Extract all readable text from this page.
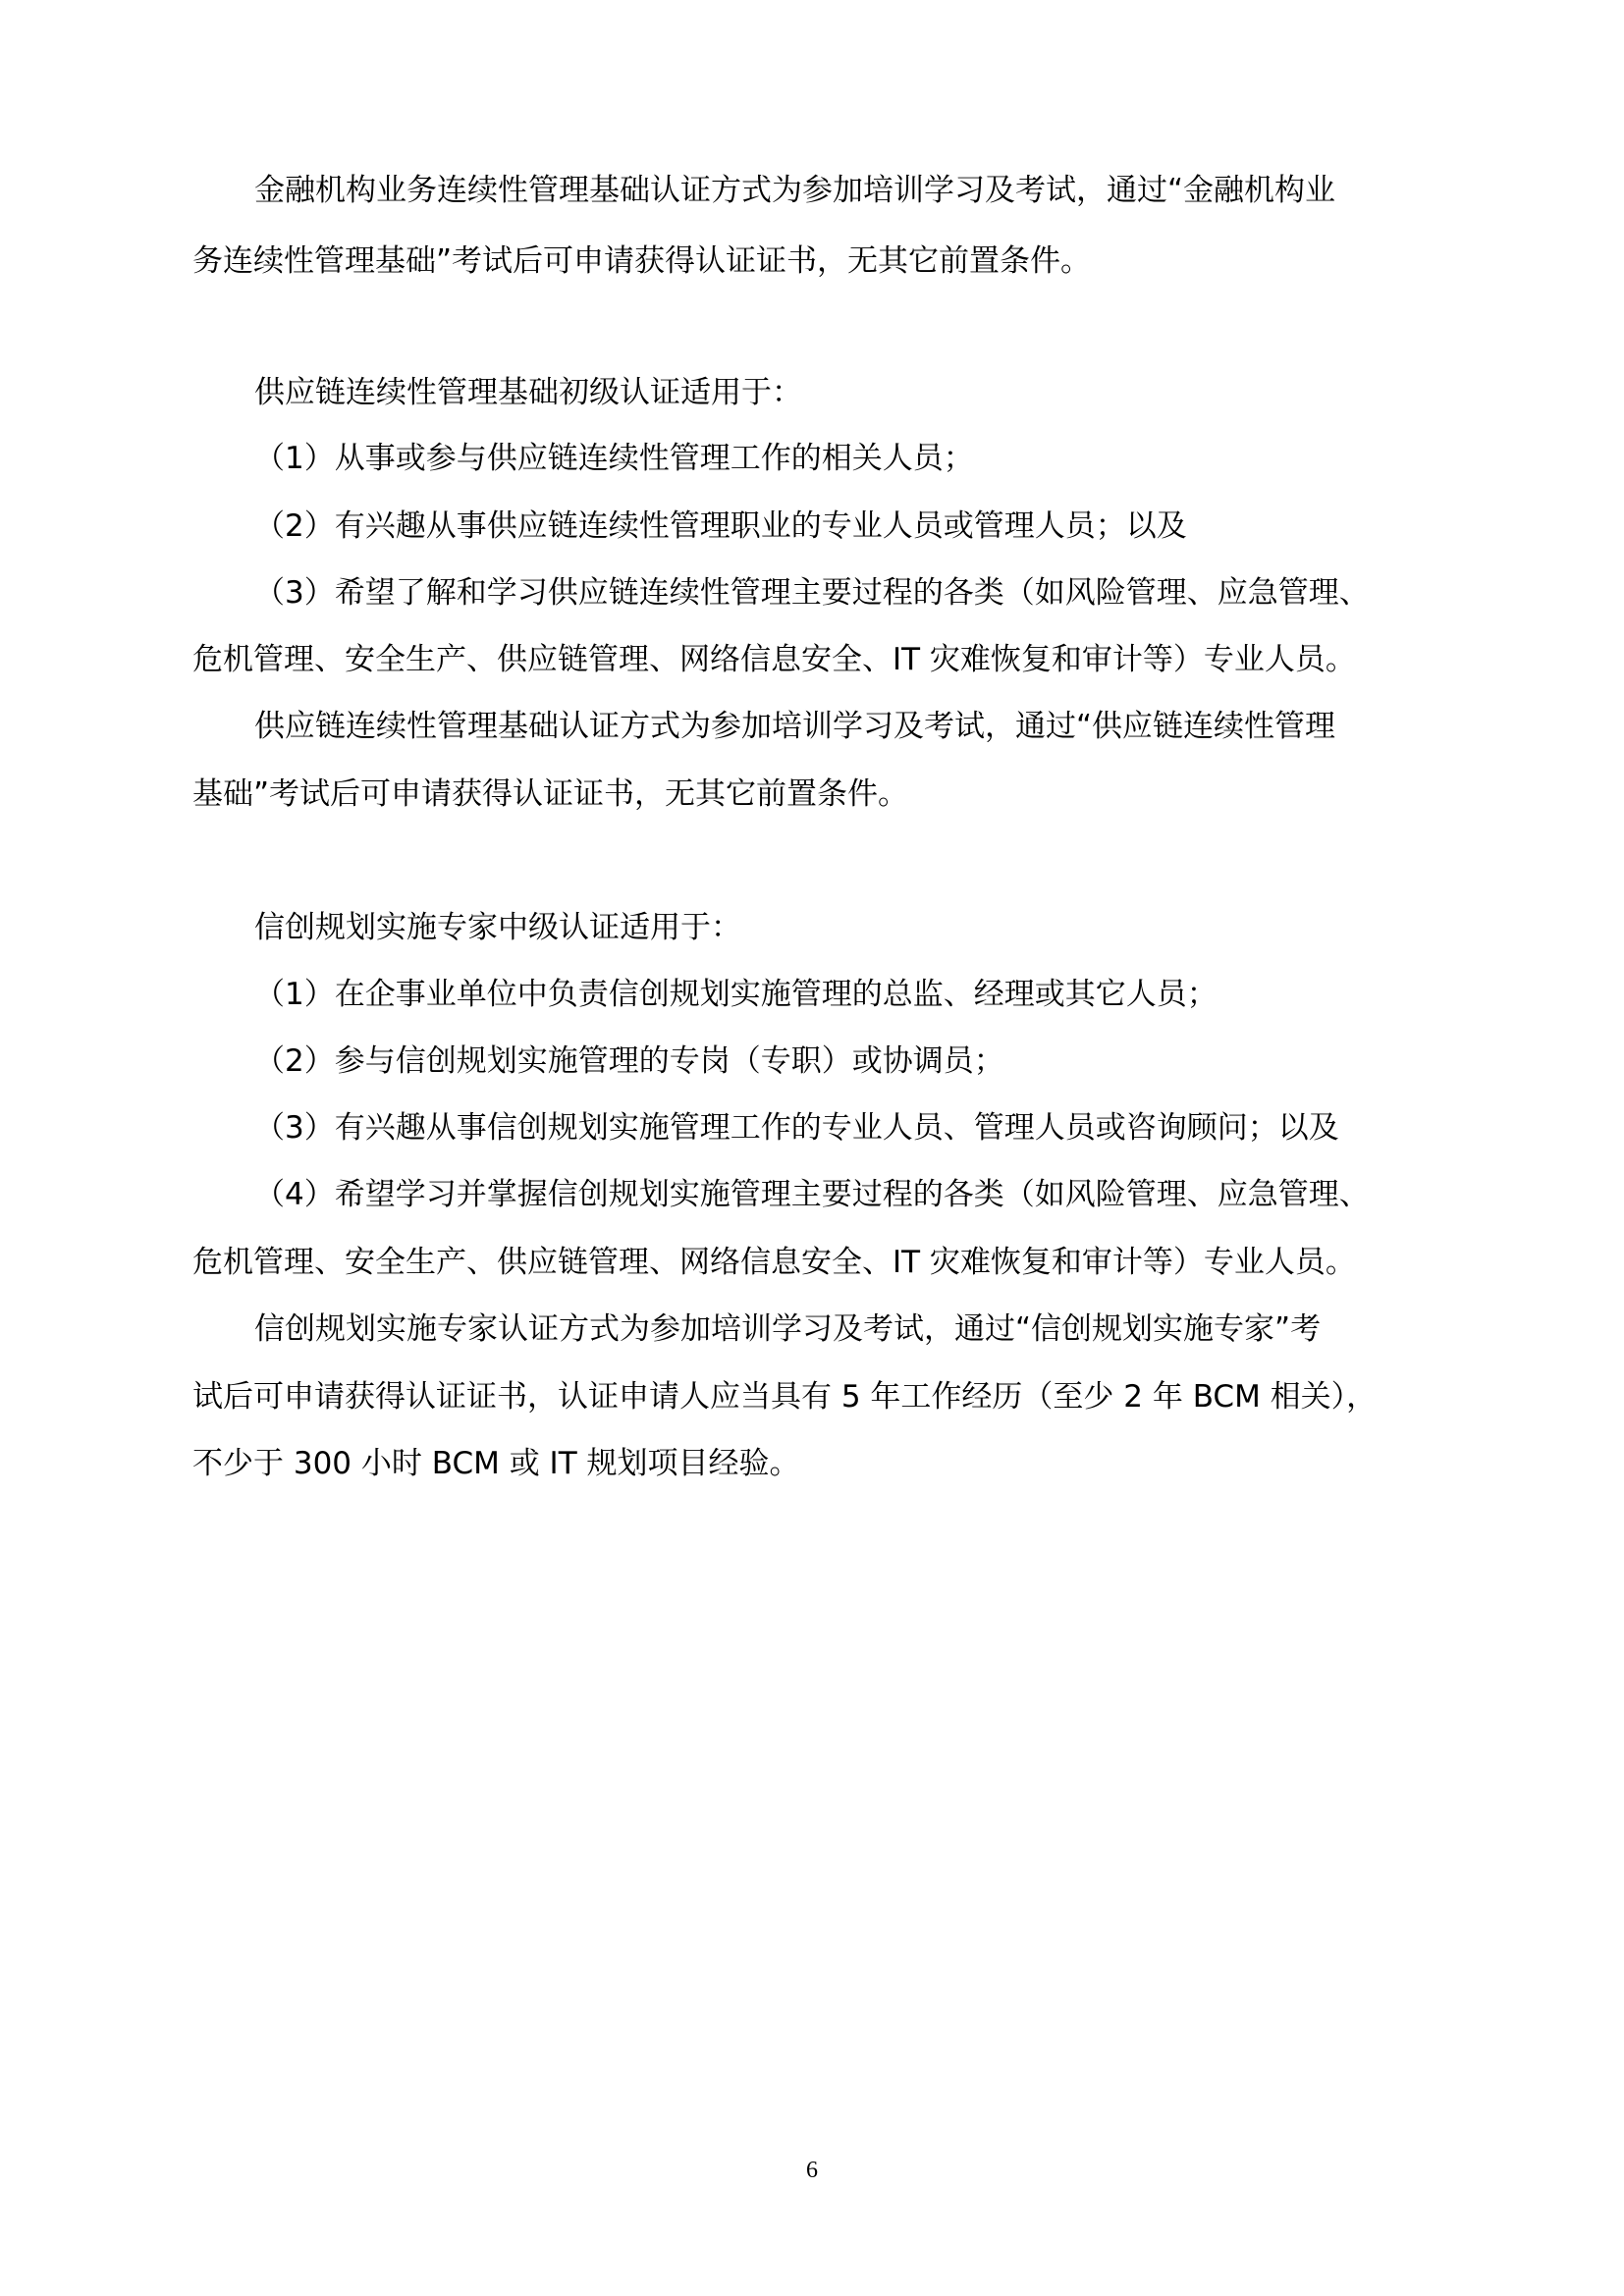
金融机构业务连续性管理基础认证方式为参加培训学习及考试，通过“金融机构业
务连续性管理基础”考试后可申请获得认证证书，无其它前置条件。
供应链连续性管理基础初级认证适用于：
（1）从事或参与供应链连续性管理工作的相关人员；
（2）有兴趣从事供应链连续性管理职业的专业人员或管理人员；以及
（3）希望了解和学习供应链连续性管理主要过程的各类（如风险管理、应急管理、
危机管理、安全生产、供应链管理、网络信息安全、IT 灾难恢复和审计等）专业人员。
供应链连续性管理基础认证方式为参加培训学习及考试，通过“供应链连续性管理
基础”考试后可申请获得认证证书，无其它前置条件。
信创规划实施专家中级认证适用于：
（1）在企事业单位中负责信创规划实施管理的总监、经理或其它人员；
（2）参与信创规划实施管理的专岗（专职）或协调员；
（3）有兴趣从事信创规划实施管理工作的专业人员、管理人员或咨询顾问；以及
（4）希望学习并掌握信创规划实施管理主要过程的各类（如风险管理、应急管理、
危机管理、安全生产、供应链管理、网络信息安全、IT 灾难恢复和审计等）专业人员。
信创规划实施专家认证方式为参加培训学习及考试，通过“信创规划实施专家”考
试后可申请获得认证证书，认证申请人应当具有 5 年工作经历（至少 2 年 BCM 相关），
不少于 300 小时 BCM 或 IT 规划项目经验。
6
